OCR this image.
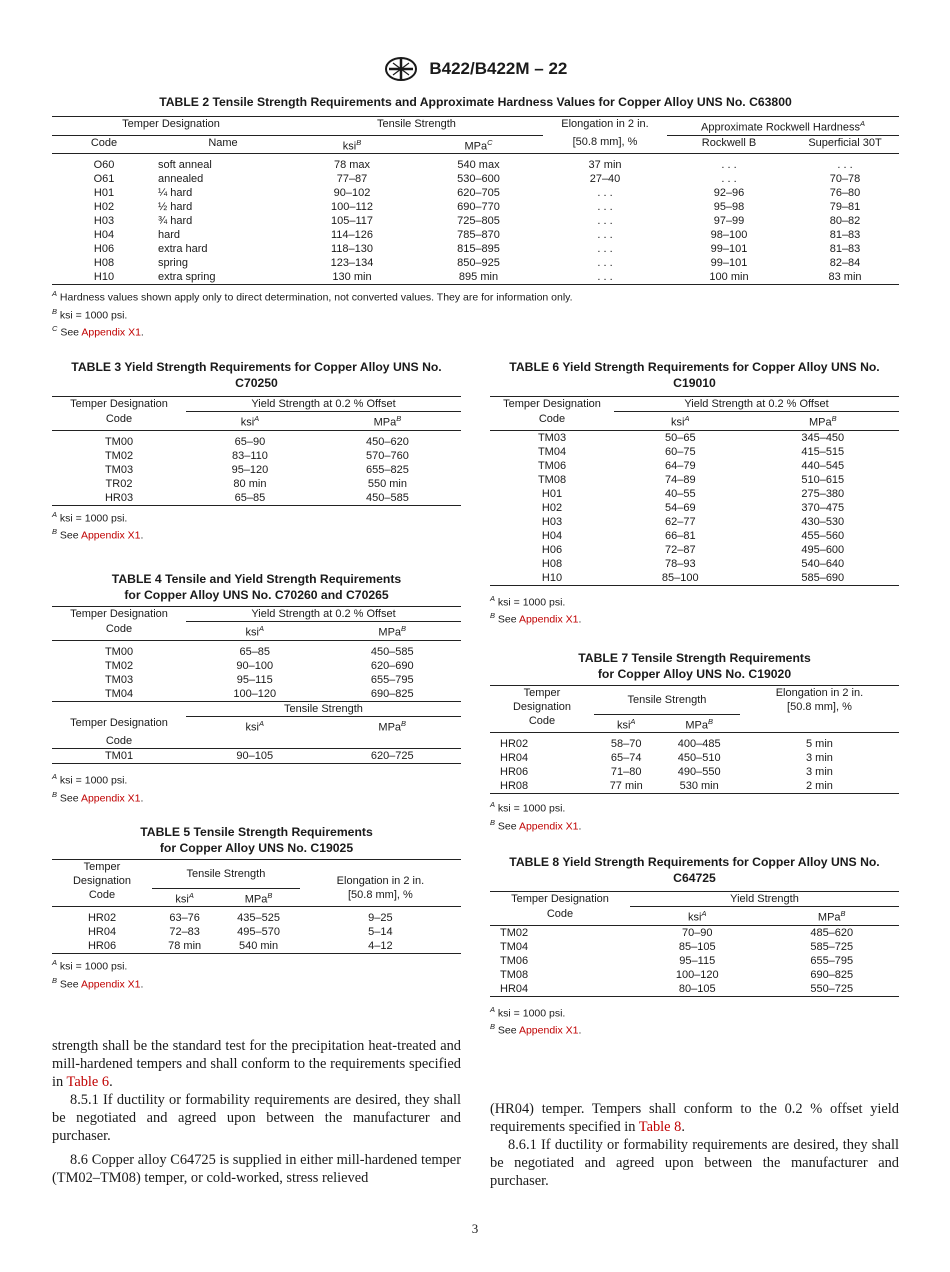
B422/B422M – 22
TABLE 2 Tensile Strength Requirements and Approximate Hardness Values for Copper Alloy UNS No. C63800
Temper Designation		Tensile Strength		Elongation in 2 in.	Approximate Rockwell Hardness$^A$
Code	Name	ksi$^B$	MPa$^C$	[50.8 mm], %	Rockwell B	Superficial 30T

O60	soft anneal	78 max	540 max	37 min	. . .	. . .
O61	annealed	77–87	530–600	27–40	. . .	70–78
H01	¼ hard	90–102	620–705	. . .	92–96	76–80
H02	½ hard	100–112	690–770	. . .	95–98	79–81
H03	¾ hard	105–117	725–805	. . .	97–99	80–82
H04	hard	114–126	785–870	. . .	98–100	81–83
H06	extra hard	118–130	815–895	. . .	99–101	81–83
H08	spring	123–134	850–925	. . .	99–101	82–84
H10	extra spring	130 min	895 min	. . .	100 min	83 min
$^A$ Hardness values shown apply only to direct determination, not converted values. They are for information only.
$^B$ ksi = 1000 psi.
$^C$ See Appendix X1.
TABLE 3 Yield Strength Requirements for Copper Alloy UNS No. C70250
Temper Designation	Yield Strength at 0.2 % Offset	
Code	ksi$^A$	MPa$^B$

TM00	65–90	450–620
TM02	83–110	570–760
TM03	95–120	655–825
TR02	80 min	550 min
HR03	65–85	450–585
$^A$ ksi = 1000 psi.
$^B$ See Appendix X1.
TABLE 4 Tensile and Yield Strength Requirements
for Copper Alloy UNS No. C70260 and C70265
Temper Designation	Yield Strength at 0.2 % Offset	
Code	ksi$^A$	MPa$^B$

TM00	65–85	450–585
TM02	90–100	620–690
TM03	95–115	655–795
TM04	100–120	690–825
	Tensile Strength	
Temper Designation	ksi$^A$	MPa$^B$
Code		
TM01	90–105	620–725
$^A$ ksi = 1000 psi.
$^B$ See Appendix X1.
TABLE 5 Tensile Strength Requirements
for Copper Alloy UNS No. C19025
Temper	Tensile Strength		Elongation in 2 in.
Designation			
Code	ksi$^A$	MPa$^B$	[50.8 mm], %

HR02	63–76	435–525	9–25
HR04	72–83	495–570	5–14
HR06	78 min	540 min	4–12
$^A$ ksi = 1000 psi.
$^B$ See Appendix X1.
TABLE 6 Yield Strength Requirements for Copper Alloy UNS No. C19010
Temper Designation	Yield Strength at 0.2 % Offset	
Code	ksi$^A$	MPa$^B$
TM03	50–65	345–450
TM04	60–75	415–515
TM06	64–79	440–545
TM08	74–89	510–615
H01	40–55	275–380
H02	54–69	370–475
H03	62–77	430–530
H04	66–81	455–560
H06	72–87	495–600
H08	78–93	540–640
H10	85–100	585–690
$^A$ ksi = 1000 psi.
$^B$ See Appendix X1.
TABLE 7 Tensile Strength Requirements
for Copper Alloy UNS No. C19020
Temper	Tensile Strength		Elongation in 2 in.
Designation			
Code	ksi$^A$	MPa$^B$	[50.8 mm], %

HR02	58–70	400–485	5 min
HR04	65–74	450–510	3 min
HR06	71–80	490–550	3 min
HR08	77 min	530 min	2 min
$^A$ ksi = 1000 psi.
$^B$ See Appendix X1.
TABLE 8 Yield Strength Requirements for Copper Alloy UNS No. C64725
Temper Designation	Yield Strength	
Code	ksi$^A$	MPa$^B$
TM02	70–90	485–620
TM04	85–105	585–725
TM06	95–115	655–795
TM08	100–120	690–825
HR04	80–105	550–725
$^A$ ksi = 1000 psi.
$^B$ See Appendix X1.

strength shall be the standard test for the precipitation heat-treated and mill-hardened tempers and shall conform to the requirements specified in Table 6.

8.5.1 If ductility or formability requirements are desired, they shall be negotiated and agreed upon between the manufacturer and purchaser.

8.6 Copper alloy C64725 is supplied in either mill-hardened temper (TM02–TM08) temper, or cold-worked, stress relieved

(HR04) temper. Tempers shall conform to the 0.2 % offset yield requirements specified in Table 8.

8.6.1 If ductility or formability requirements are desired, they shall be negotiated and agreed upon between the manufacturer and purchaser.

3
